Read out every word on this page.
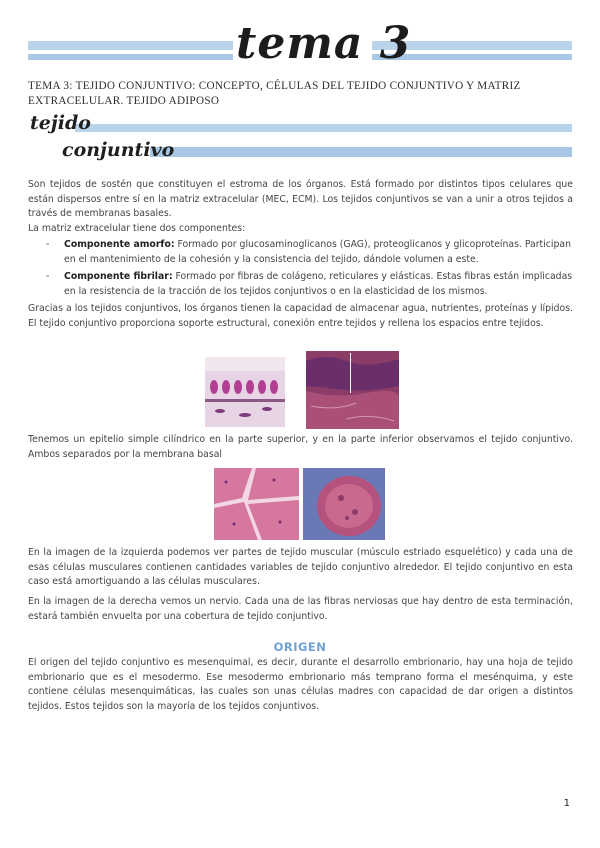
tema 3
TEMA 3: TEJIDO CONJUNTIVO: CONCEPTO, CÉLULAS DEL TEJIDO CONJUNTIVO Y MATRIZ EXTRACELULAR. TEJIDO ADIPOSO
tejido
conjuntivo
Son tejidos de sostén que constituyen el estroma de los órganos. Está formado por distintos tipos celulares que están dispersos entre sí en la matriz extracelular (MEC, ECM). Los tejidos conjuntivos se van a unir a otros tejidos a través de membranas basales.
La matriz extracelular tiene dos componentes:
- Componente amorfo: Formado por glucosaminoglicanos (GAG), proteoglicanos y glicoproteínas. Participan en el mantenimiento de la cohesión y la consistencia del tejido, dándole volumen a este.
- Componente fibrilar: Formado por fibras de colágeno, reticulares y elásticas. Estas fibras están implicadas en la resistencia de la tracción de los tejidos conjuntivos o en la elasticidad de los mismos.
Gracias a los tejidos conjuntivos, los órganos tienen la capacidad de almacenar agua, nutrientes, proteínas y lípidos. El tejido conjuntivo proporciona soporte estructural, conexión entre tejidos y rellena los espacios entre tejidos.
Tenemos un epitelio simple cilíndrico en la parte superior, y en la parte inferior observamos el tejido conjuntivo. Ambos separados por la membrana basal
En la imagen de la izquierda podemos ver partes de tejido muscular (músculo estriado esquelético) y cada una de esas células musculares contienen cantidades variables de tejido conjuntivo alrededor. El tejido conjuntivo en esta caso está amortiguando a las células musculares.
En la imagen de la derecha vemos un nervio. Cada una de las fibras nerviosas que hay dentro de esta terminación, estará también envuelta por una cobertura de tejido conjuntivo.
ORIGEN
El origen del tejido conjuntivo es mesenquimal, es decir, durante el desarrollo embrionario, hay una hoja de tejido embrionario que es el mesodermo. Ese mesodermo embrionario más temprano forma el mesénquima, y este contiene células mesenquimáticas, las cuales son unas células madres con capacidad de dar origen a distintos tejidos. Estos tejidos son la mayoría de los tejidos conjuntivos.
1
